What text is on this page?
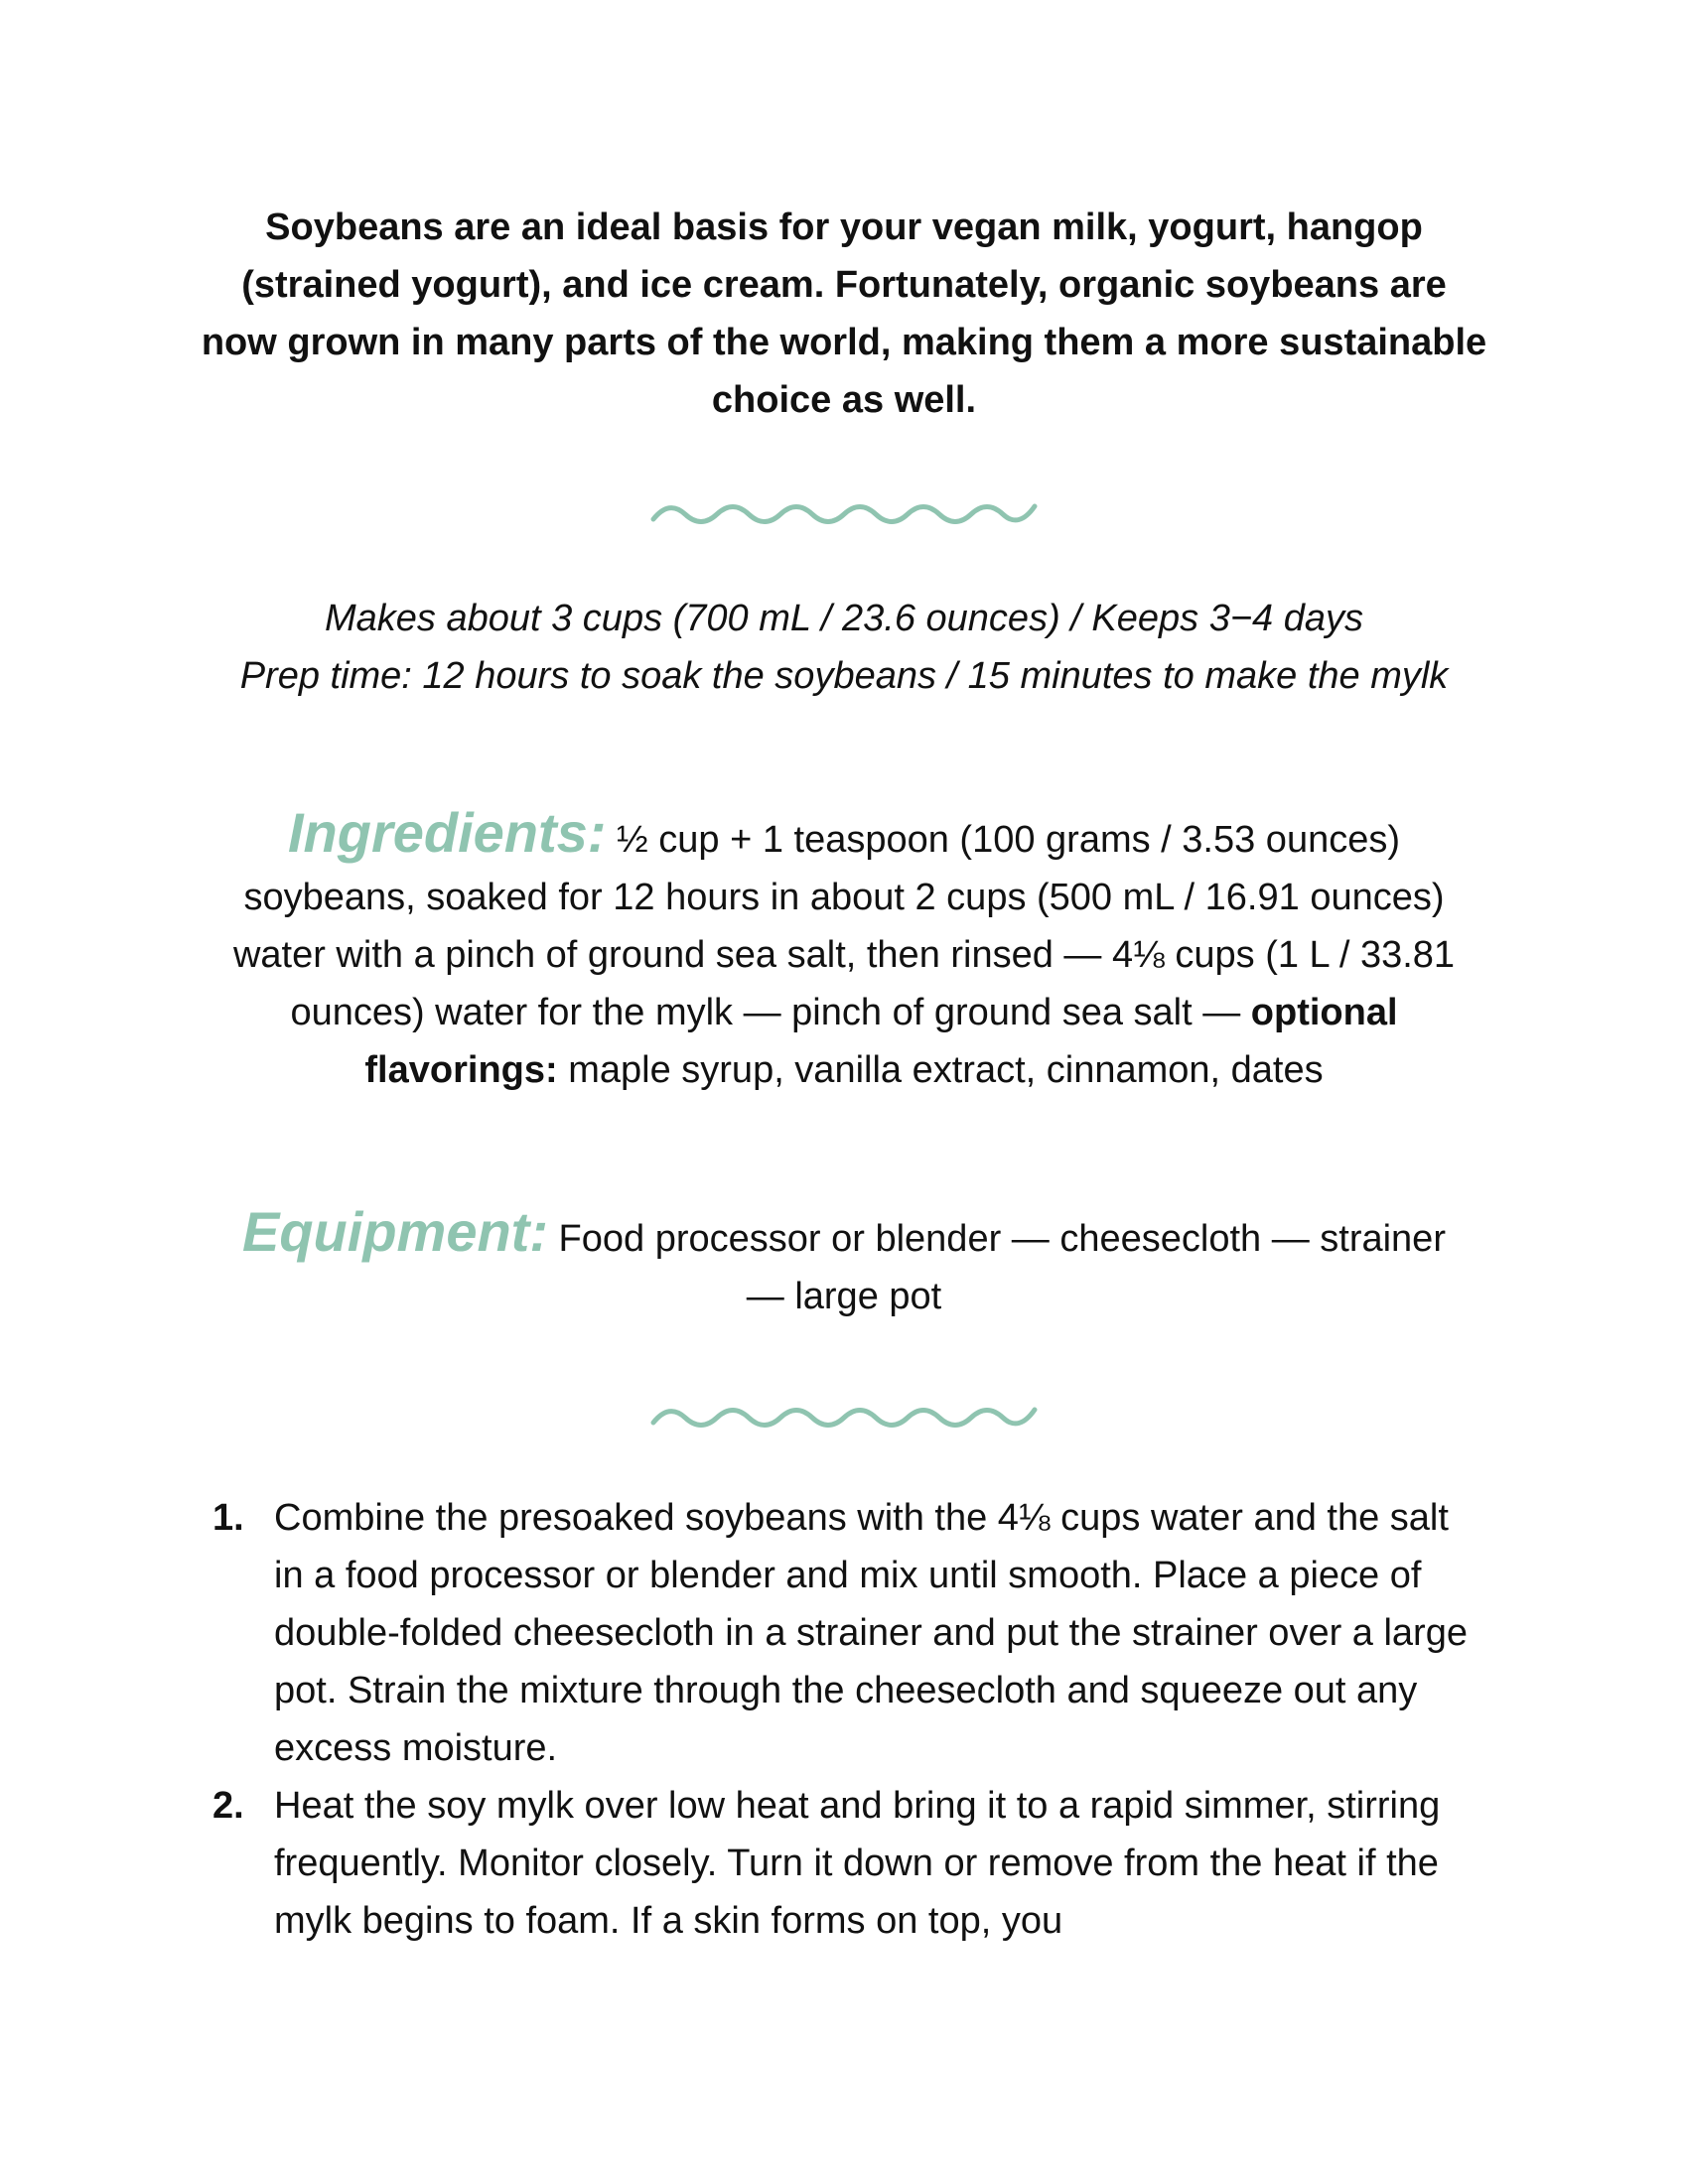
Soybeans are an ideal basis for your vegan milk, yogurt, hangop (strained yogurt), and ice cream. Fortunately, organic soybeans are now grown in many parts of the world, making them a more sustainable choice as well.

Makes about 3 cups (700 mL / 23.6 ounces) / Keeps 3−4 days
Prep time: 12 hours to soak the soybeans / 15 minutes to make the mylk
Ingredients: ½ cup + 1 teaspoon (100 grams / 3.53 ounces) soybeans, soaked for 12 hours in about 2 cups (500 mL / 16.91 ounces) water with a pinch of ground sea salt, then rinsed — 4⅛ cups (1 L / 33.81 ounces) water for the mylk — pinch of ground sea salt — optional flavorings: maple syrup, vanilla extract, cinnamon, dates
Equipment: Food processor or blender — cheesecloth — strainer — large pot
1. Combine the presoaked soybeans with the 4⅛ cups water and the salt in a food processor or blender and mix until smooth. Place a piece of double-folded cheesecloth in a strainer and put the strainer over a large pot. Strain the mixture through the cheesecloth and squeeze out any excess moisture.
2. Heat the soy mylk over low heat and bring it to a rapid simmer, stirring frequently. Monitor closely. Turn it down or remove from the heat if the mylk begins to foam. If a skin forms on top, you
